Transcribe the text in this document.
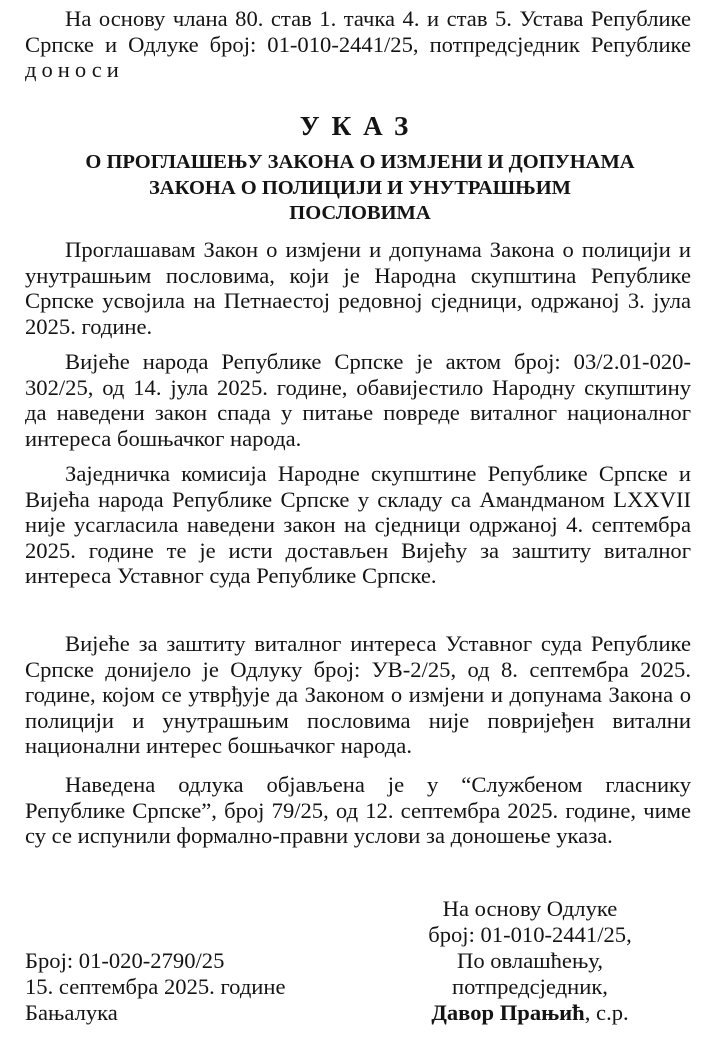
На основу члана 80. став 1. тачка 4. и став 5. Устава Републике Српске и Одлуке број: 01-010-2441/25, потпредсједник Републике доноси

УКАЗ
О ПРОГЛАШЕЊУ ЗАКОНА О ИЗМЈЕНИ И ДОПУНАМА ЗАКОНА О ПОЛИЦИЈИ И УНУТРАШЊИМ ПОСЛОВИМА

Проглашавам Закон о измјени и допунама Закона о полицији и унутрашњим пословима, који је Народна скупштина Републике Српске усвојила на Петнаестој редовној сједници, одржаној 3. јула 2025. године.

Вијеће народа Републике Српске је актом број: 03/2.01-020-302/25, од 14. јула 2025. године, обавијестило Народну скупштину да наведени закон спада у питање повреде виталног националног интереса бошњачког народа.

Заједничка комисија Народне скупштине Републике Српске и Вијећа народа Републике Српске у складу са Амандманом LXXVII није усагласила наведени закон на сједници одржаној 4. септембра 2025. године те је исти достављен Вијећу за заштиту виталног интереса Уставног суда Републике Српске.

Вијеће за заштиту виталног интереса Уставног суда Републике Српске донијело је Одлуку број: УВ-2/25, од 8. септембра 2025. године, којом се утврђује да Законом о измјени и допунама Закона о полицији и унутрашњим пословима није повријеђен витални национални интерес бошњачког народа.

Наведена одлука објављена је у “Службеном гласнику Републике Српске”, број 79/25, од 12. септембра 2025. године, чиме су се испунили формално-правни услови за доношење указа.

На основу Одлуке
број: 01-010-2441/25,
По овлашћењу,
потпредсједник,
Давор Прањић, с.р.
Број: 01-020-2790/25
15. септембра 2025. године
Бањалука
